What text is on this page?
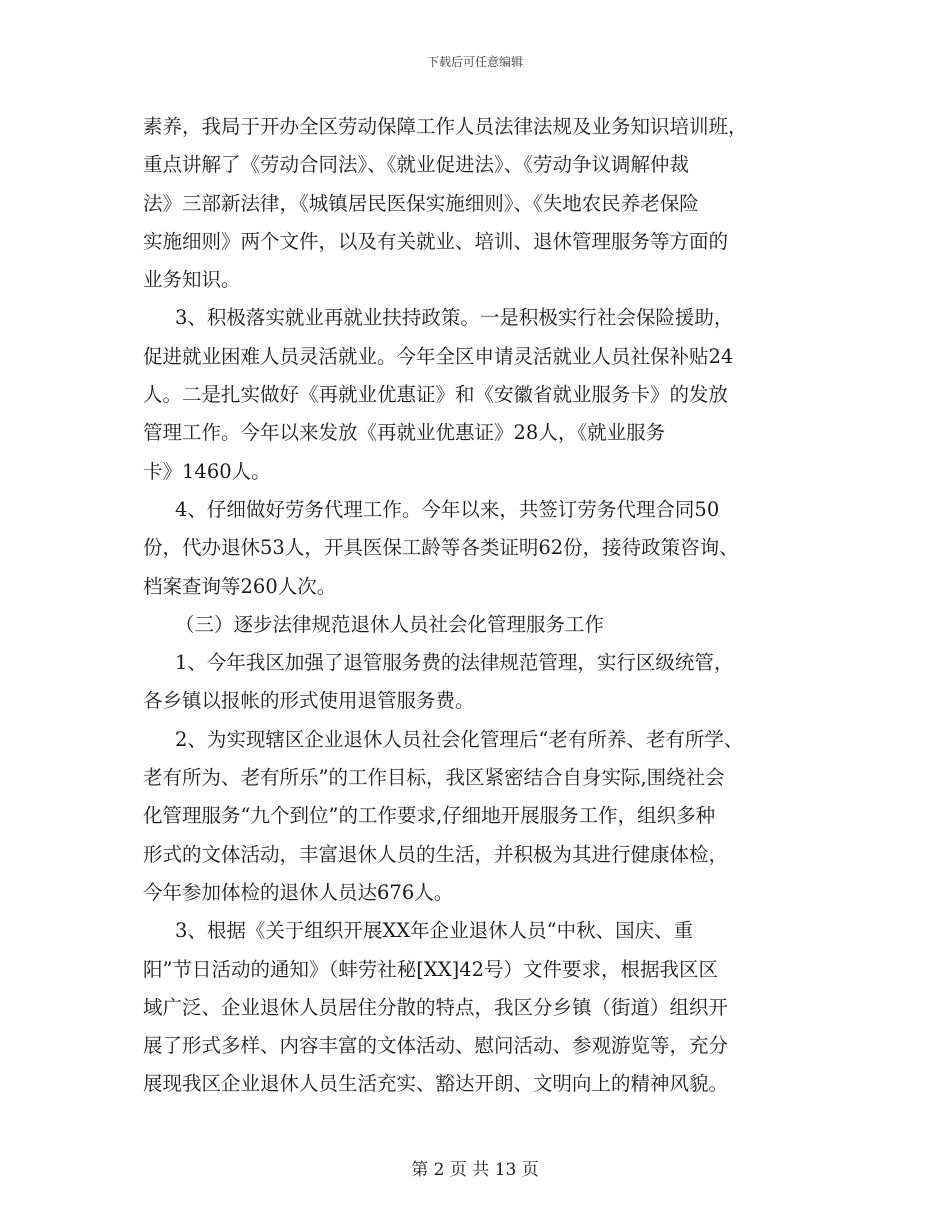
下载后可任意编辑
素养，我局于开办全区劳动保障工作人员法律法规及业务知识培训班，
重点讲解了《劳动合同法》、《就业促进法》、《劳动争议调解仲裁
法》三部新法律，《城镇居民医保实施细则》、《失地农民养老保险
实施细则》两个文件，以及有关就业、培训、退休管理服务等方面的
业务知识。
3、积极落实就业再就业扶持政策。一是积极实行社会保险援助，
促进就业困难人员灵活就业。今年全区申请灵活就业人员社保补贴24
人。二是扎实做好《再就业优惠证》和《安徽省就业服务卡》的发放
管理工作。今年以来发放《再就业优惠证》28人，《就业服务
卡》1460人。
4、仔细做好劳务代理工作。今年以来，共签订劳务代理合同50
份，代办退休53人，开具医保工龄等各类证明62份，接待政策咨询、
档案查询等260人次。
（三）逐步法律规范退休人员社会化管理服务工作
1、今年我区加强了退管服务费的法律规范管理，实行区级统管，
各乡镇以报帐的形式使用退管服务费。
2、为实现辖区企业退休人员社会化管理后“老有所养、老有所学、
老有所为、老有所乐”的工作目标，我区紧密结合自身实际,围绕社会
化管理服务“九个到位”的工作要求,仔细地开展服务工作，组织多种
形式的文体活动，丰富退休人员的生活，并积极为其进行健康体检，
今年参加体检的退休人员达676人。
3、根据《关于组织开展XX年企业退休人员“中秋、国庆、重
阳”节日活动的通知》（蚌劳社秘[XX]42号）文件要求，根据我区区
域广泛、企业退休人员居住分散的特点，我区分乡镇（街道）组织开
展了形式多样、内容丰富的文体活动、慰问活动、参观游览等，充分
展现我区企业退休人员生活充实、豁达开朗、文明向上的精神风貌。
第 2 页 共 13 页
